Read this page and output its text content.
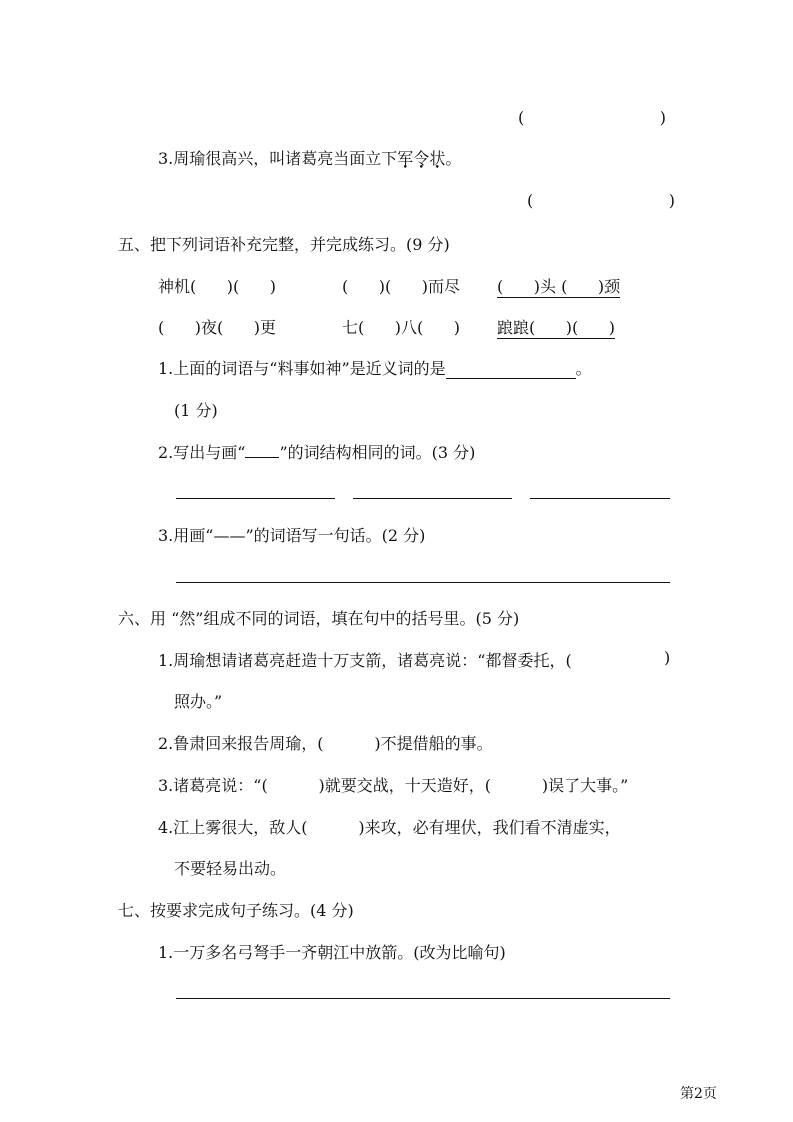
(	)
3.周瑜很高兴，叫诸葛亮当面立下军令状。
(	)
五、把下列词语补充完整，并完成练习。(9 分)
神机(      )(      )	(      )(      )而尽 (      )头 (      )颈
(      )夜(      )更	七(      )八(      ) 踉踉(      )(      )
1.上面的词语与“料事如神”是近义词的是	。
(1 分)
2.写出与画“ ”的词结构相同的词。(3 分)
3.用画“——”的词语写一句话。(2 分)
六、用 “然”组成不同的词语，填在句中的括号里。(5 分)
1.周瑜想请诸葛亮赶造十万支箭，诸葛亮说：“都督委托，(	)
照办。”
2.鲁肃回来报告周瑜，(          )不提借船的事。
3.诸葛亮说：“(          )就要交战，十天造好，(          )误了大事。”
4.江上雾很大，敌人(          )来攻，必有埋伏，我们看不清虚实，
不要轻易出动。
七、按要求完成句子练习。(4 分)
1.一万多名弓弩手一齐朝江中放箭。(改为比喻句)
第2页
